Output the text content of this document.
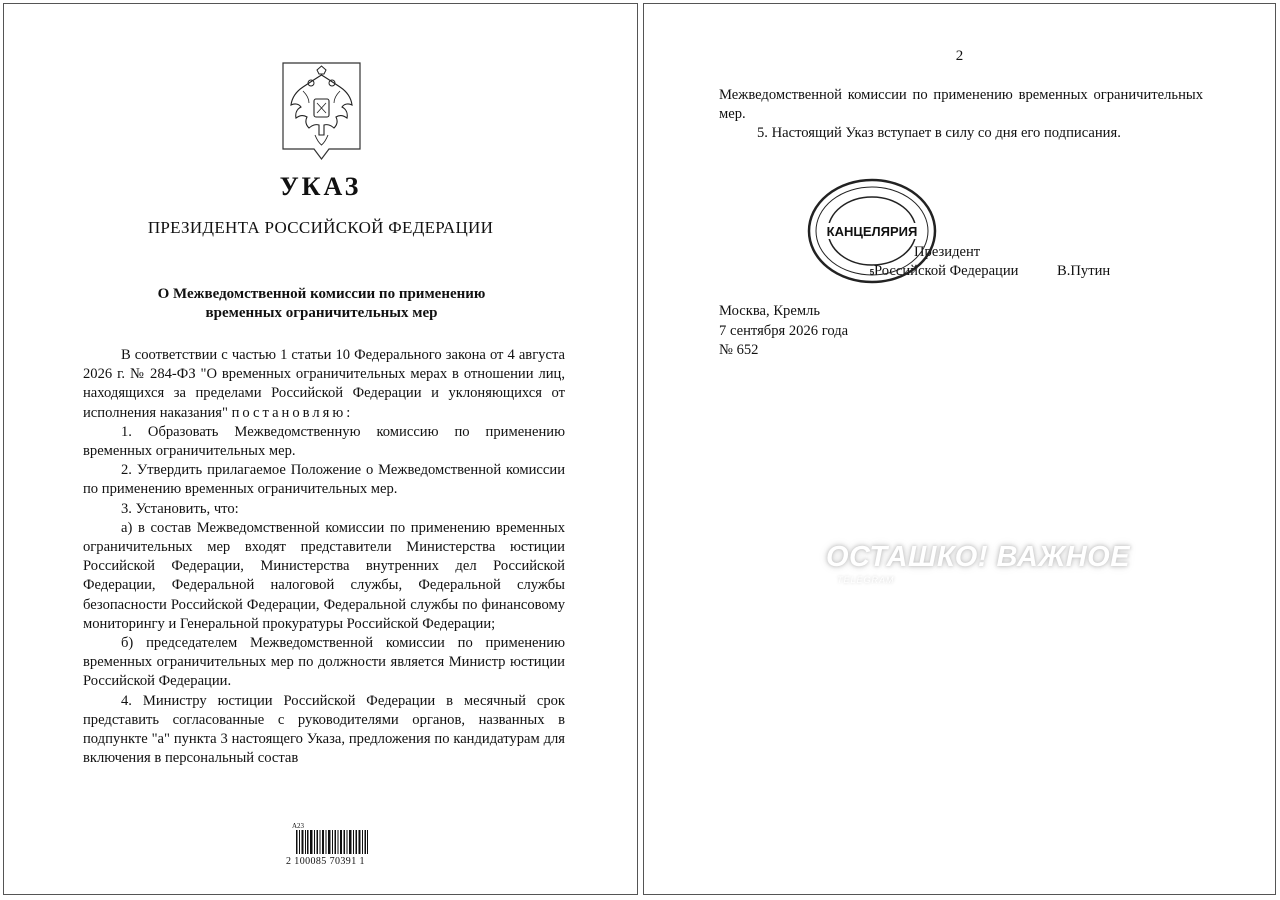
УКАЗ
ПРЕЗИДЕНТА РОССИЙСКОЙ ФЕДЕРАЦИИ
О Межведомственной комиссии по применению
временных ограничительных мер

В соответствии с частью 1 статьи 10 Федерального закона от 4 августа 2026 г. № 284-ФЗ "О временных ограничительных мерах в отношении лиц, находящихся за пределами Российской Федерации и уклоняющихся от исполнения наказания" постановляю:

1. Образовать Межведомственную комиссию по применению временных ограничительных мер.

2. Утвердить прилагаемое Положение о Межведомственной комиссии по применению временных ограничительных мер.

3. Установить, что:

а) в состав Межведомственной комиссии по применению временных ограничительных мер входят представители Министерства юстиции Российской Федерации, Министерства внутренних дел Российской Федерации, Федеральной налоговой службы, Федеральной службы безопасности Российской Федерации, Федеральной службы по финансовому мониторингу и Генеральной прокуратуры Российской Федерации;

б) председателем Межведомственной комиссии по применению временных ограничительных мер по должности является Министр юстиции Российской Федерации.

4. Министру юстиции Российской Федерации в месячный срок представить согласованные с руководителями органов, названных в подпункте "а" пункта 3 настоящего Указа, предложения по кандидатурам для включения в персональный состав

A23
2 100085 70391 1
2

Межведомственной комиссии по применению временных ограничительных мер.

5. Настоящий Указ вступает в силу со дня его подписания.

Президент
Российской Федерации	В.Путин
КАНЦЕЛЯРИЯ
5
Москва, Кремль
7 сентября 2026 года
№ 652
ОСТАШКО! ВАЖНОЕ
TELEGRAM
